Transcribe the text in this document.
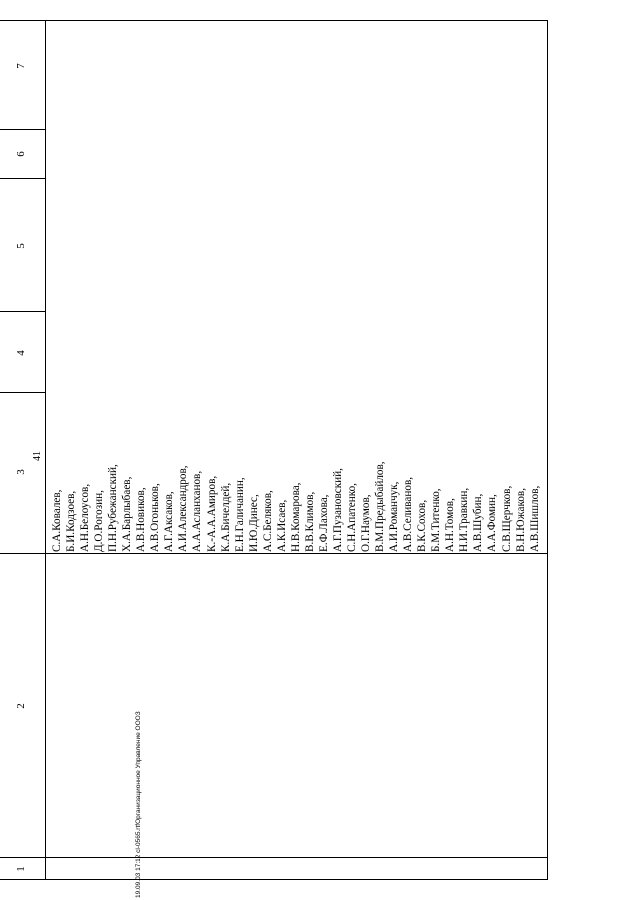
41
19.09.03 17:12 cl-0565.rtfОрганизационное Управление ОООЗ
1
2
3
4
5
6
7
С.А.Ковалев, Б.И.Кодзоев, А.Н.Белоусов, Д.О.Рогозин, П.Н.Рубежанский, Х.А.Барлыбаев, А.В.Новиков, А.В.Огоньков, А.Г.Аксаков, А.И.Александров, А.А.Асланханов, К.-А.А.Амиров, К.А.Бичелдей, Е.Н.Галичанин, И.Ю.Динес, А.С.Беляков, А.К.Исаев, Н.В.Комарова, В.В.Климов, Е.Ф.Лахова, А.Г.Пузановский, С.Н.Апатенко, О.Г.Наумов, В.М.Предыбайлов, А.И.Романчук, А.В.Селиванов, В.К.Сохов, Б.М.Титенко, А.Н.Томов, Н.И.Травкин, А.В.Шубин, А.А.Фомин, С.В.Щерчков, В.Н.Южаков, А.В.Шишлов,
